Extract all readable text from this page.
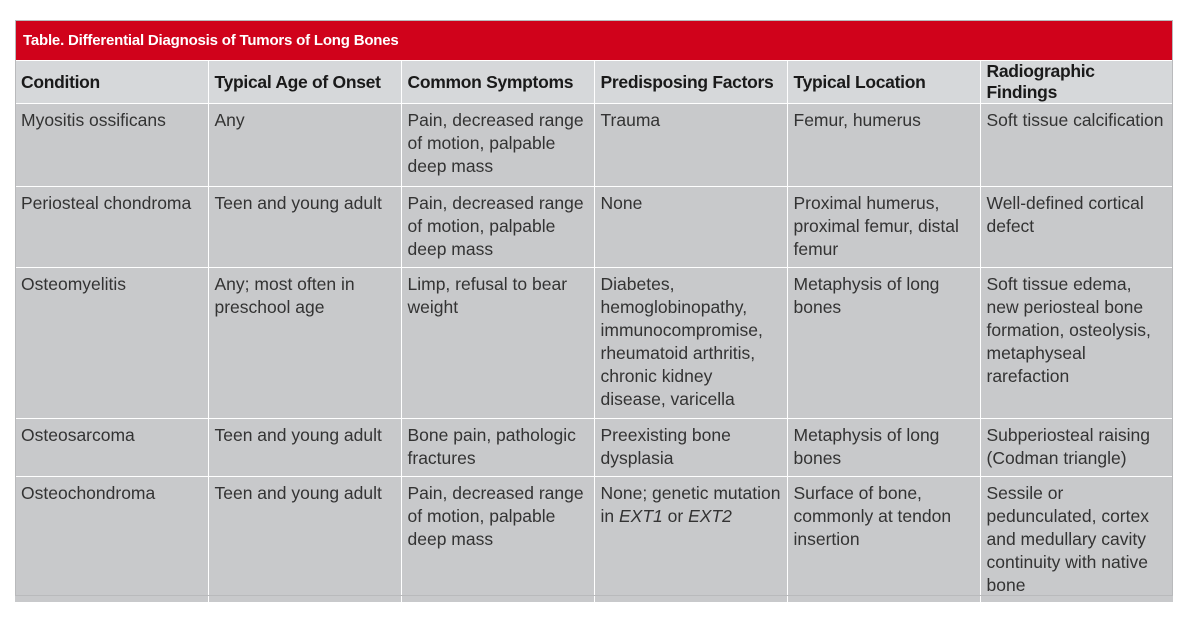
Table. Differential Diagnosis of Tumors of Long Bones
Condition	Typical Age of Onset	Common Symptoms	Predisposing Factors	Typical Location	Radiographic Findings
Myositis ossificans	Any	Pain, decreased range of motion, palpable deep mass	Trauma	Femur, humerus	Soft tissue calcification
Periosteal chondroma	Teen and young adult	Pain, decreased range of motion, palpable deep mass	None	Proximal humerus, proximal femur, distal femur	Well-defined cortical defect
Osteomyelitis	Any; most often in preschool age	Limp, refusal to bear weight	Diabetes, hemoglobinopathy, immunocompromise, rheumatoid arthritis, chronic kidney disease, varicella	Metaphysis of long bones	Soft tissue edema, new periosteal bone formation, osteolysis, metaphyseal rarefaction
Osteosarcoma	Teen and young adult	Bone pain, pathologic fractures	Preexisting bone dysplasia	Metaphysis of long bones	Subperiosteal raising (Codman triangle)
Osteochondroma	Teen and young adult	Pain, decreased range of motion, palpable deep mass	None; genetic mutation in EXT1 or EXT2	Surface of bone, commonly at tendon insertion	Sessile or pedunculated, cortex and medullary cavity continuity with native bone
